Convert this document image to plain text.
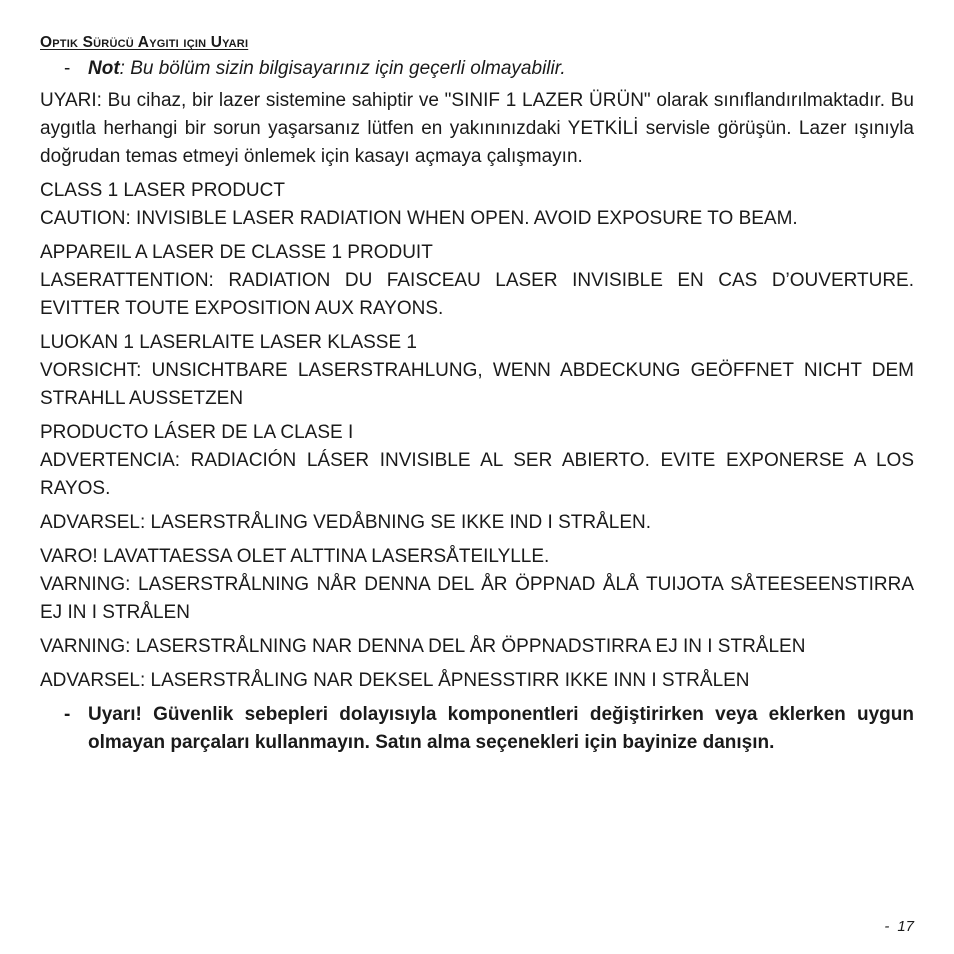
Optik Sürücü Aygıtı için Uyarı
- Not: Bu bölüm sizin bilgisayarınız için geçerli olmayabilir.

UYARI: Bu cihaz, bir lazer sistemine sahiptir ve "SINIF 1 LAZER ÜRÜN" olarak sınıflandırılmaktadır. Bu aygıtla herhangi bir sorun yaşarsanız lütfen en yakınınızdaki YETKİLİ servisle görüşün. Lazer ışınıyla doğrudan temas etmeyi önlemek için kasayı açmaya çalışmayın.

CLASS 1 LASER PRODUCT
CAUTION: INVISIBLE LASER RADIATION WHEN OPEN. AVOID EXPOSURE TO BEAM.

APPAREIL A LASER DE CLASSE 1 PRODUIT
LASERATTENTION: RADIATION DU FAISCEAU LASER INVISIBLE EN CAS D’OUVERTURE. EVITTER TOUTE EXPOSITION AUX RAYONS.

LUOKAN 1 LASERLAITE LASER KLASSE 1
VORSICHT: UNSICHTBARE LASERSTRAHLUNG, WENN ABDECKUNG GEÖFFNET NICHT DEM STRAHLL AUSSETZEN

PRODUCTO LÁSER DE LA CLASE I
ADVERTENCIA: RADIACIÓN LÁSER INVISIBLE AL SER ABIERTO. EVITE EXPONERSE A LOS RAYOS.

ADVARSEL: LASERSTRÅLING VEDÅBNING SE IKKE IND I STRÅLEN.

VARO! LAVATTAESSA OLET ALTTINA LASERSÅTEILYLLE.
VARNING: LASERSTRÅLNING NÅR DENNA DEL ÅR ÖPPNAD ÅLÅ TUIJOTA SÅTEESEENSTIRRA EJ IN I STRÅLEN

VARNING: LASERSTRÅLNING NAR DENNA DEL ÅR ÖPPNADSTIRRA EJ IN I STRÅLEN

ADVARSEL: LASERSTRÅLING NAR DEKSEL ÅPNESSTIRR IKKE INN I STRÅLEN

- Uyarı! Güvenlik sebepleri dolayısıyla komponentleri değiştirirken veya eklerken uygun olmayan parçaları kullanmayın. Satın alma seçenekleri için bayinize danışın.
- 17
